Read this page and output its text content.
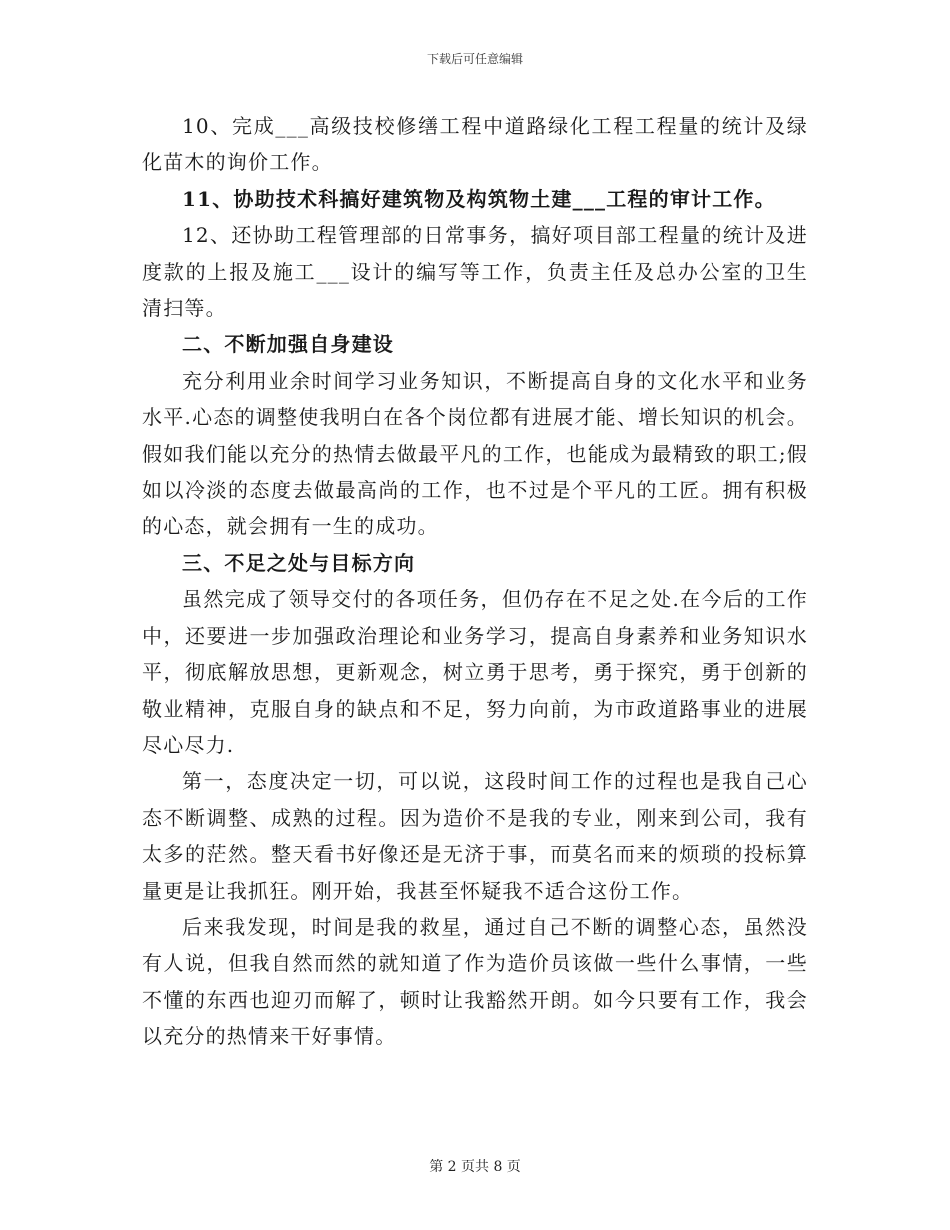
下载后可任意编辑

10、完成___高级技校修缮工程中道路绿化工程工程量的统计及绿化苗木的询价工作。

11、协助技术科搞好建筑物及构筑物土建___工程的审计工作。

12、还协助工程管理部的日常事务，搞好项目部工程量的统计及进度款的上报及施工___设计的编写等工作，负责主任及总办公室的卫生清扫等。

二、不断加强自身建设

充分利用业余时间学习业务知识，不断提高自身的文化水平和业务水平.心态的调整使我明白在各个岗位都有进展才能、增长知识的机会。假如我们能以充分的热情去做最平凡的工作，也能成为最精致的职工;假如以冷淡的态度去做最高尚的工作，也不过是个平凡的工匠。拥有积极的心态，就会拥有一生的成功。

三、不足之处与目标方向

虽然完成了领导交付的各项任务，但仍存在不足之处.在今后的工作中，还要进一步加强政治理论和业务学习，提高自身素养和业务知识水平，彻底解放思想，更新观念，树立勇于思考，勇于探究，勇于创新的敬业精神，克服自身的缺点和不足，努力向前，为市政道路事业的进展尽心尽力.

第一，态度决定一切，可以说，这段时间工作的过程也是我自己心态不断调整、成熟的过程。因为造价不是我的专业，刚来到公司，我有太多的茫然。整天看书好像还是无济于事，而莫名而来的烦琐的投标算量更是让我抓狂。刚开始，我甚至怀疑我不适合这份工作。

后来我发现，时间是我的救星，通过自己不断的调整心态，虽然没有人说，但我自然而然的就知道了作为造价员该做一些什么事情，一些不懂的东西也迎刃而解了，顿时让我豁然开朗。如今只要有工作，我会以充分的热情来干好事情。

第 2 页共 8 页
